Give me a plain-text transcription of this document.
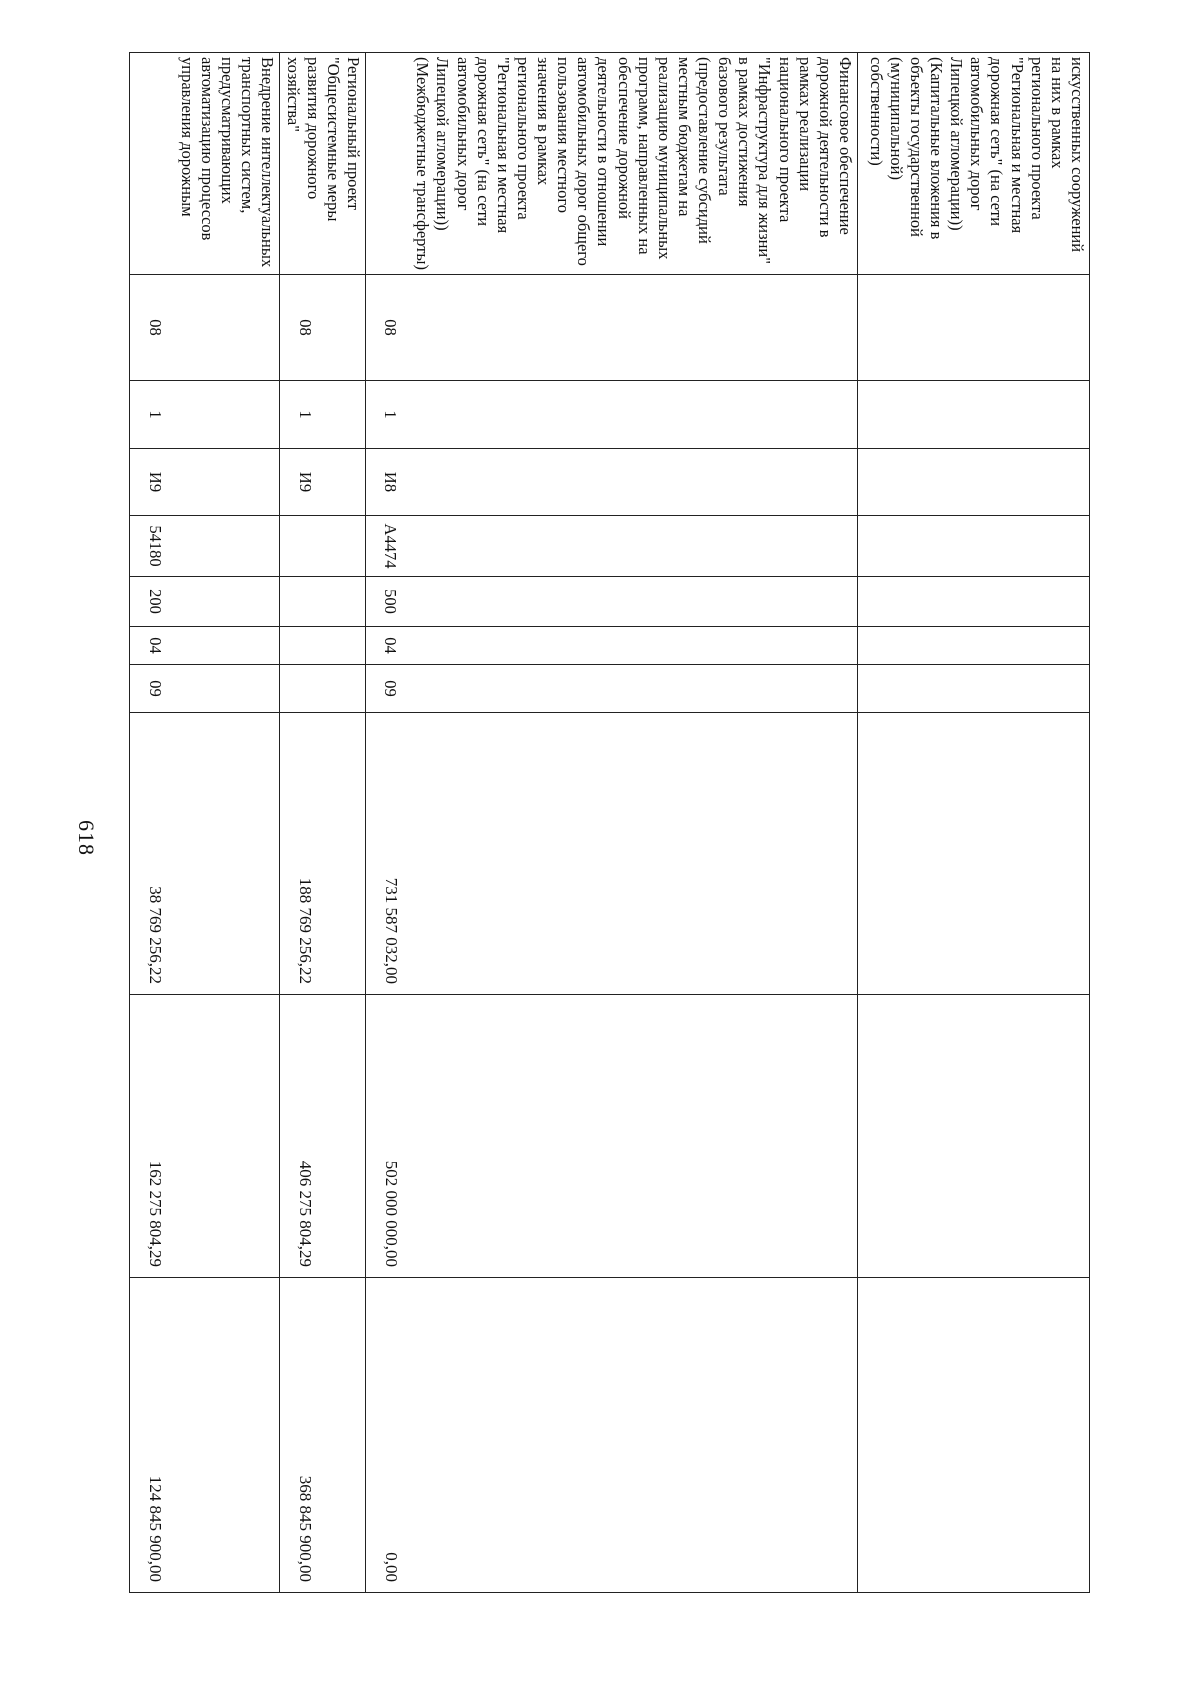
618
искусственных сооружений на них в рамках регионального проекта "Региональная и местная дорожная сеть" (на сети автомобильных дорог Липецкой агломерации)) (Капитальные вложения в объекты государственной (муниципальной) собственности)										
Финансовое обеспечение дорожной деятельности в рамках реализации национального проекта "Инфраструктура для жизни" в рамках достижения базового результата (предоставление субсидий местным бюджетам на реализацию муниципальных программ, направленных на обеспечение дорожной деятельности в отношении автомобильных дорог общего пользования местного значения в рамках регионального проекта "Региональная и местная дорожная сеть" (на сети автомобильных дорог Липецкой агломерации)) (Межбюджетные трансферты)	08	1	И8	А4474	500	04	09	731 587 032,00	502 000 000,00	0,00
Региональный проект "Общесистемные меры развития дорожного хозяйства"	08	1	И9					188 769 256,22	406 275 804,29	368 845 900,00
Внедрение интеллектуальных транспортных систем, предусматривающих автоматизацию процессов управления дорожным	08	1	И9	54180	200	04	09	38 769 256,22	162 275 804,29	124 845 900,00
